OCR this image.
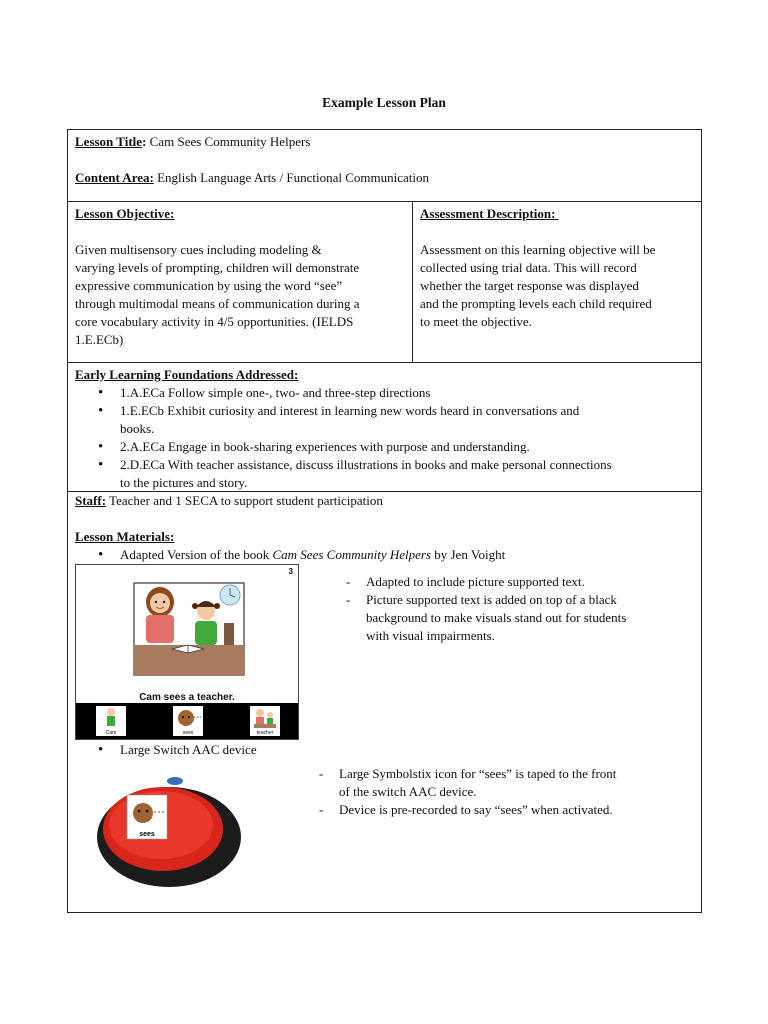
Example Lesson Plan
Lesson Title: Cam Sees Community Helpers
Content Area: English Language Arts / Functional Communication
Lesson Objective:
Given multisensory cues including modeling &
varying levels of prompting, children will demonstrate
expressive communication by using the word “see”
through multimodal means of communication during a
core vocabulary activity in 4/5 opportunities. (IELDS
1.E.ECb)
Assessment Description:
Assessment on this learning objective will be
collected using trial data. This will record
whether the target response was displayed
and the prompting levels each child required
to meet the objective.
Early Learning Foundations Addressed:
• 1.A.ECa Follow simple one-, two- and three-step directions
• 1.E.ECb Exhibit curiosity and interest in learning new words heard in conversations and
books.
• 2.A.ECa Engage in book-sharing experiences with purpose and understanding.
• 2.D.ECa With teacher assistance, discuss illustrations in books and make personal connections
to the pictures and story.
Staff: Teacher and 1 SECA to support student participation
Lesson Materials:
• Adapted Version of the book Cam Sees Community Helpers by Jen Voight
3
Cam sees a teacher.
Cam	sees	teacher
- Adapted to include picture supported text.
- Picture supported text is added on top of a black
background to make visuals stand out for students
with visual impairments.
• Large Switch AAC device
sees
- Large Symbolstix icon for “sees” is taped to the front
of the switch AAC device.
- Device is pre-recorded to say “sees” when activated.
